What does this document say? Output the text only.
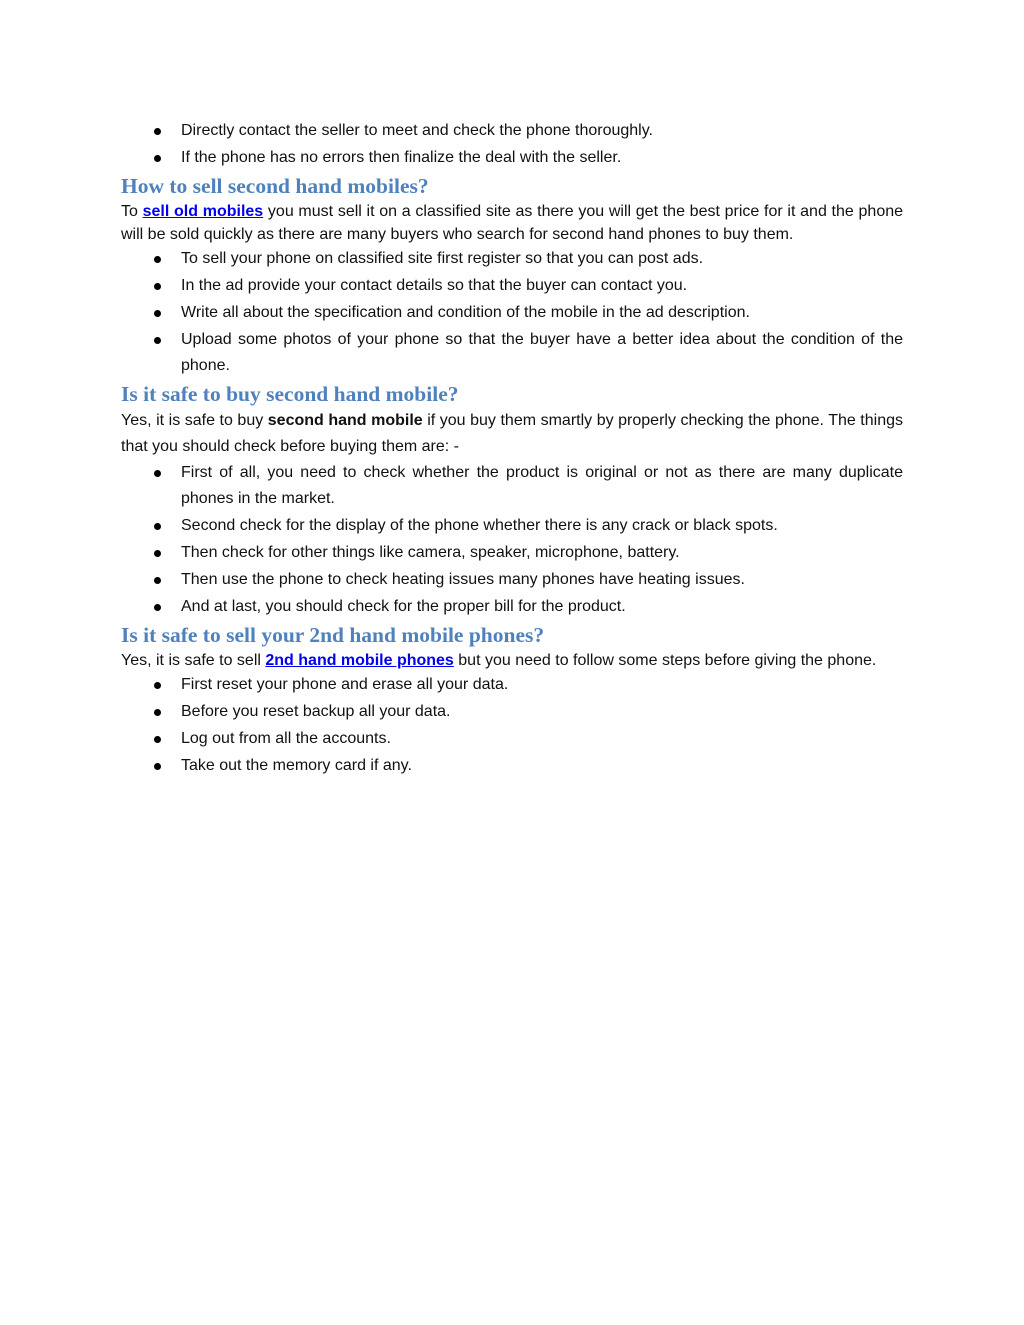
Directly contact the seller to meet and check the phone thoroughly.
If the phone has no errors then finalize the deal with the seller.
How to sell second hand mobiles?

To sell old mobiles you must sell it on a classified site as there you will get the best price for it and the phone will be sold quickly as there are many buyers who search for second hand phones to buy them.

To sell your phone on classified site first register so that you can post ads.
In the ad provide your contact details so that the buyer can contact you.
Write all about the specification and condition of the mobile in the ad description.
Upload some photos of your phone so that the buyer have a better idea about the condition of the phone.
Is it safe to buy second hand mobile?

Yes, it is safe to buy second hand mobile if you buy them smartly by properly checking the phone. The things that you should check before buying them are: -

First of all, you need to check whether the product is original or not as there are many duplicate phones in the market.
Second check for the display of the phone whether there is any crack or black spots.
Then check for other things like camera, speaker, microphone, battery.
Then use the phone to check heating issues many phones have heating issues.
And at last, you should check for the proper bill for the product.
Is it safe to sell your 2nd hand mobile phones?

Yes, it is safe to sell 2nd hand mobile phones but you need to follow some steps before giving the phone.

First reset your phone and erase all your data.
Before you reset backup all your data.
Log out from all the accounts.
Take out the memory card if any.
